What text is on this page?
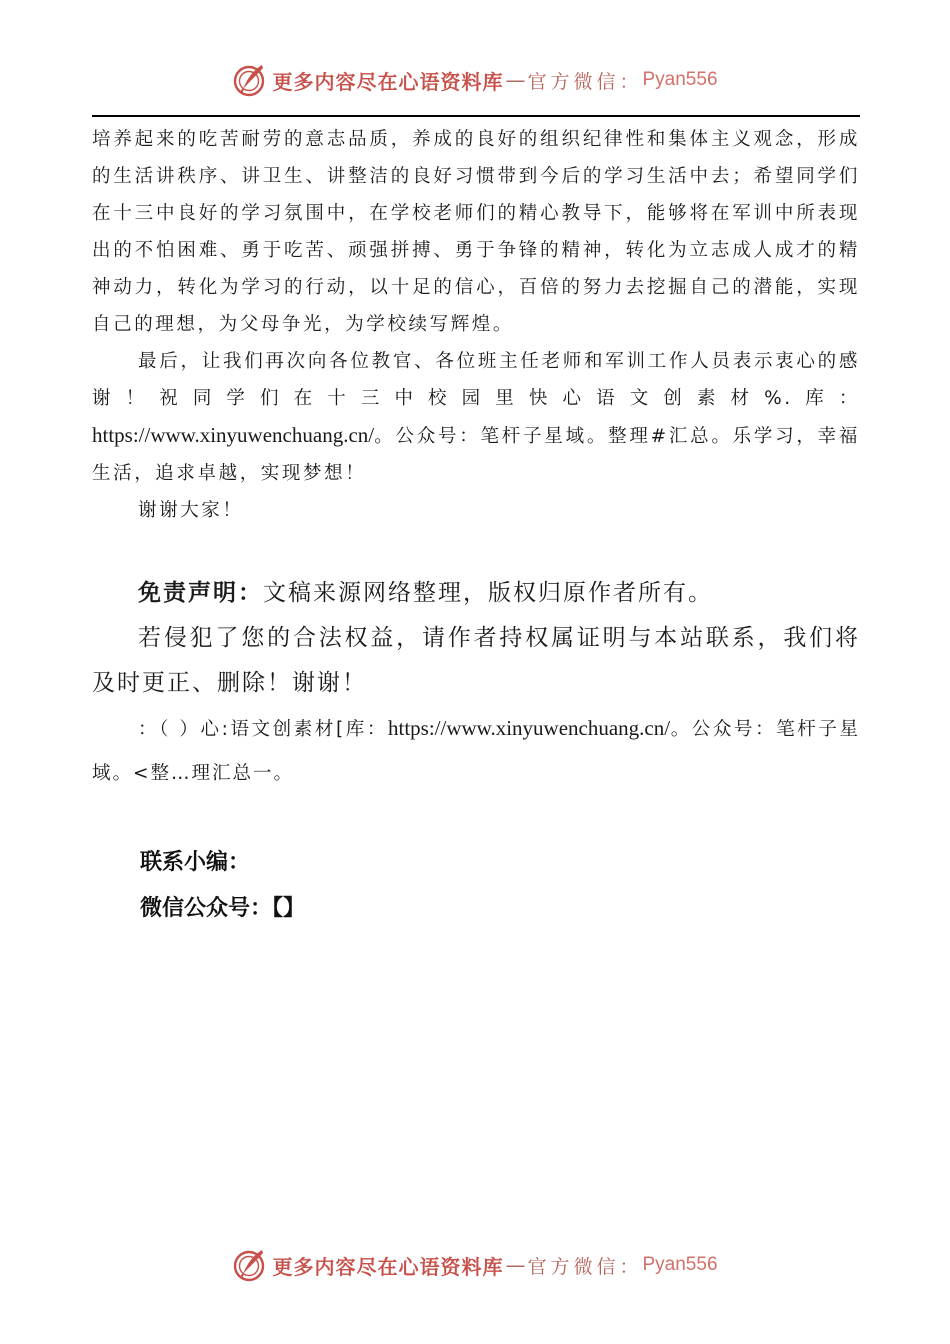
更多内容尽在心语资料库 — 官方微信： Pyan556

培养起来的吃苦耐劳的意志品质，养成的良好的组织纪律性和集体主义观念，形成的生活讲秩序、讲卫生、讲整洁的良好习惯带到今后的学习生活中去；希望同学们在十三中良好的学习氛围中，在学校老师们的精心教导下，能够将在军训中所表现出的不怕困难、勇于吃苦、顽强拼搏、勇于争锋的精神，转化为立志成人成才的精神动力，转化为学习的行动，以十足的信心，百倍的努力去挖掘自己的潜能，实现自己的理想，为父母争光，为学校续写辉煌。

最后，让我们再次向各位教官、各位班主任老师和军训工作人员表示衷心的感谢！祝同学们在十三中校园里快心语文创素材%.库：https://www.xinyuwenchuang.cn/。公众号：笔杆子星域。整理#汇总。乐学习，幸福生活，追求卓越，实现梦想！

谢谢大家！

免责声明：文稿来源网络整理，版权归原作者所有。

若侵犯了您的合法权益，请作者持权属证明与本站联系，我们将及时更正、删除！谢谢！

：（ ）心:语文创素材[库：https://www.xinyuwenchuang.cn/。公众号：笔杆子星域。<整…理汇总一。

联系小编：
微信公众号：【】
更多内容尽在心语资料库 — 官方微信： Pyan556
